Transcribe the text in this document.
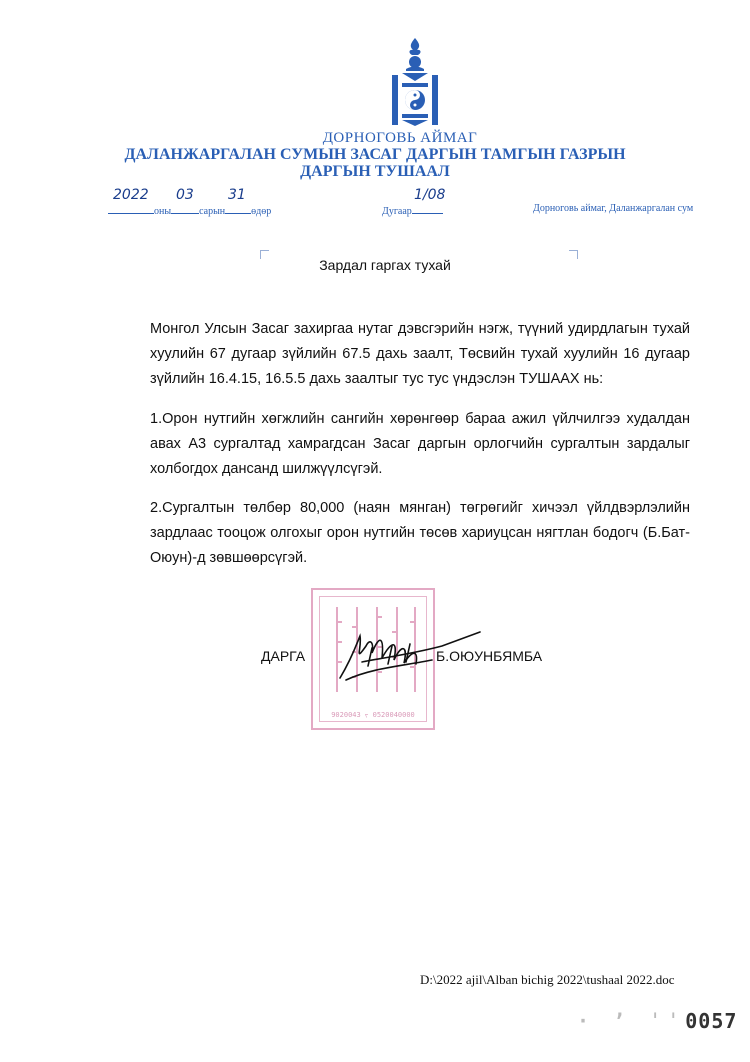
ДОРНОГОВЬ АЙМАГ
ДАЛАНЖАРГАЛАН СУМЫН ЗАСАГ ДАРГЫН ТАМГЫН ГАЗРЫН
ДАРГЫН ТУШААЛ
оны	сарын	өдөр
2022 03 31
Дугаар
1/08
Дорноговь аймаг, Даланжаргалан сум
Зардал гаргах тухай
Монгол Улсын Засаг захиргаа нутаг дэвсгэрийн нэгж, түүний удирдлагын тухай хуулийн 67 дугаар зүйлийн 67.5 дахь заалт, Төсвийн тухай хуулийн 16 дугаар зүйлийн 16.4.15, 16.5.5 дахь заалтыг тус тус үндэслэн ТУШААХ нь:
1.Орон нутгийн хөгжлийн сангийн хөрөнгөөр бараа ажил үйлчилгээ худалдан авах А3 сургалтад хамрагдсан Засаг даргын орлогчийн сургалтын зардалыг холбогдох дансанд шилжүүлсүгэй.
2.Сургалтын төлбөр 80,000 (наян мянган) төгрөгийг хичээл үйлдвэрлэлийн зардлаас тооцож олгохыг орон нутгийн төсөв хариуцсан нягтлан бодогч (Б.Бат-Оюун)-д зөвшөөрсүгэй.
9020043 ᠵ 0520040000
ДАРГА	Б.ОЮУНБЯМБА
D:\2022 ajil\Alban bichig 2022\tushaal 2022.doc
· ʼ ˈˈ0057
